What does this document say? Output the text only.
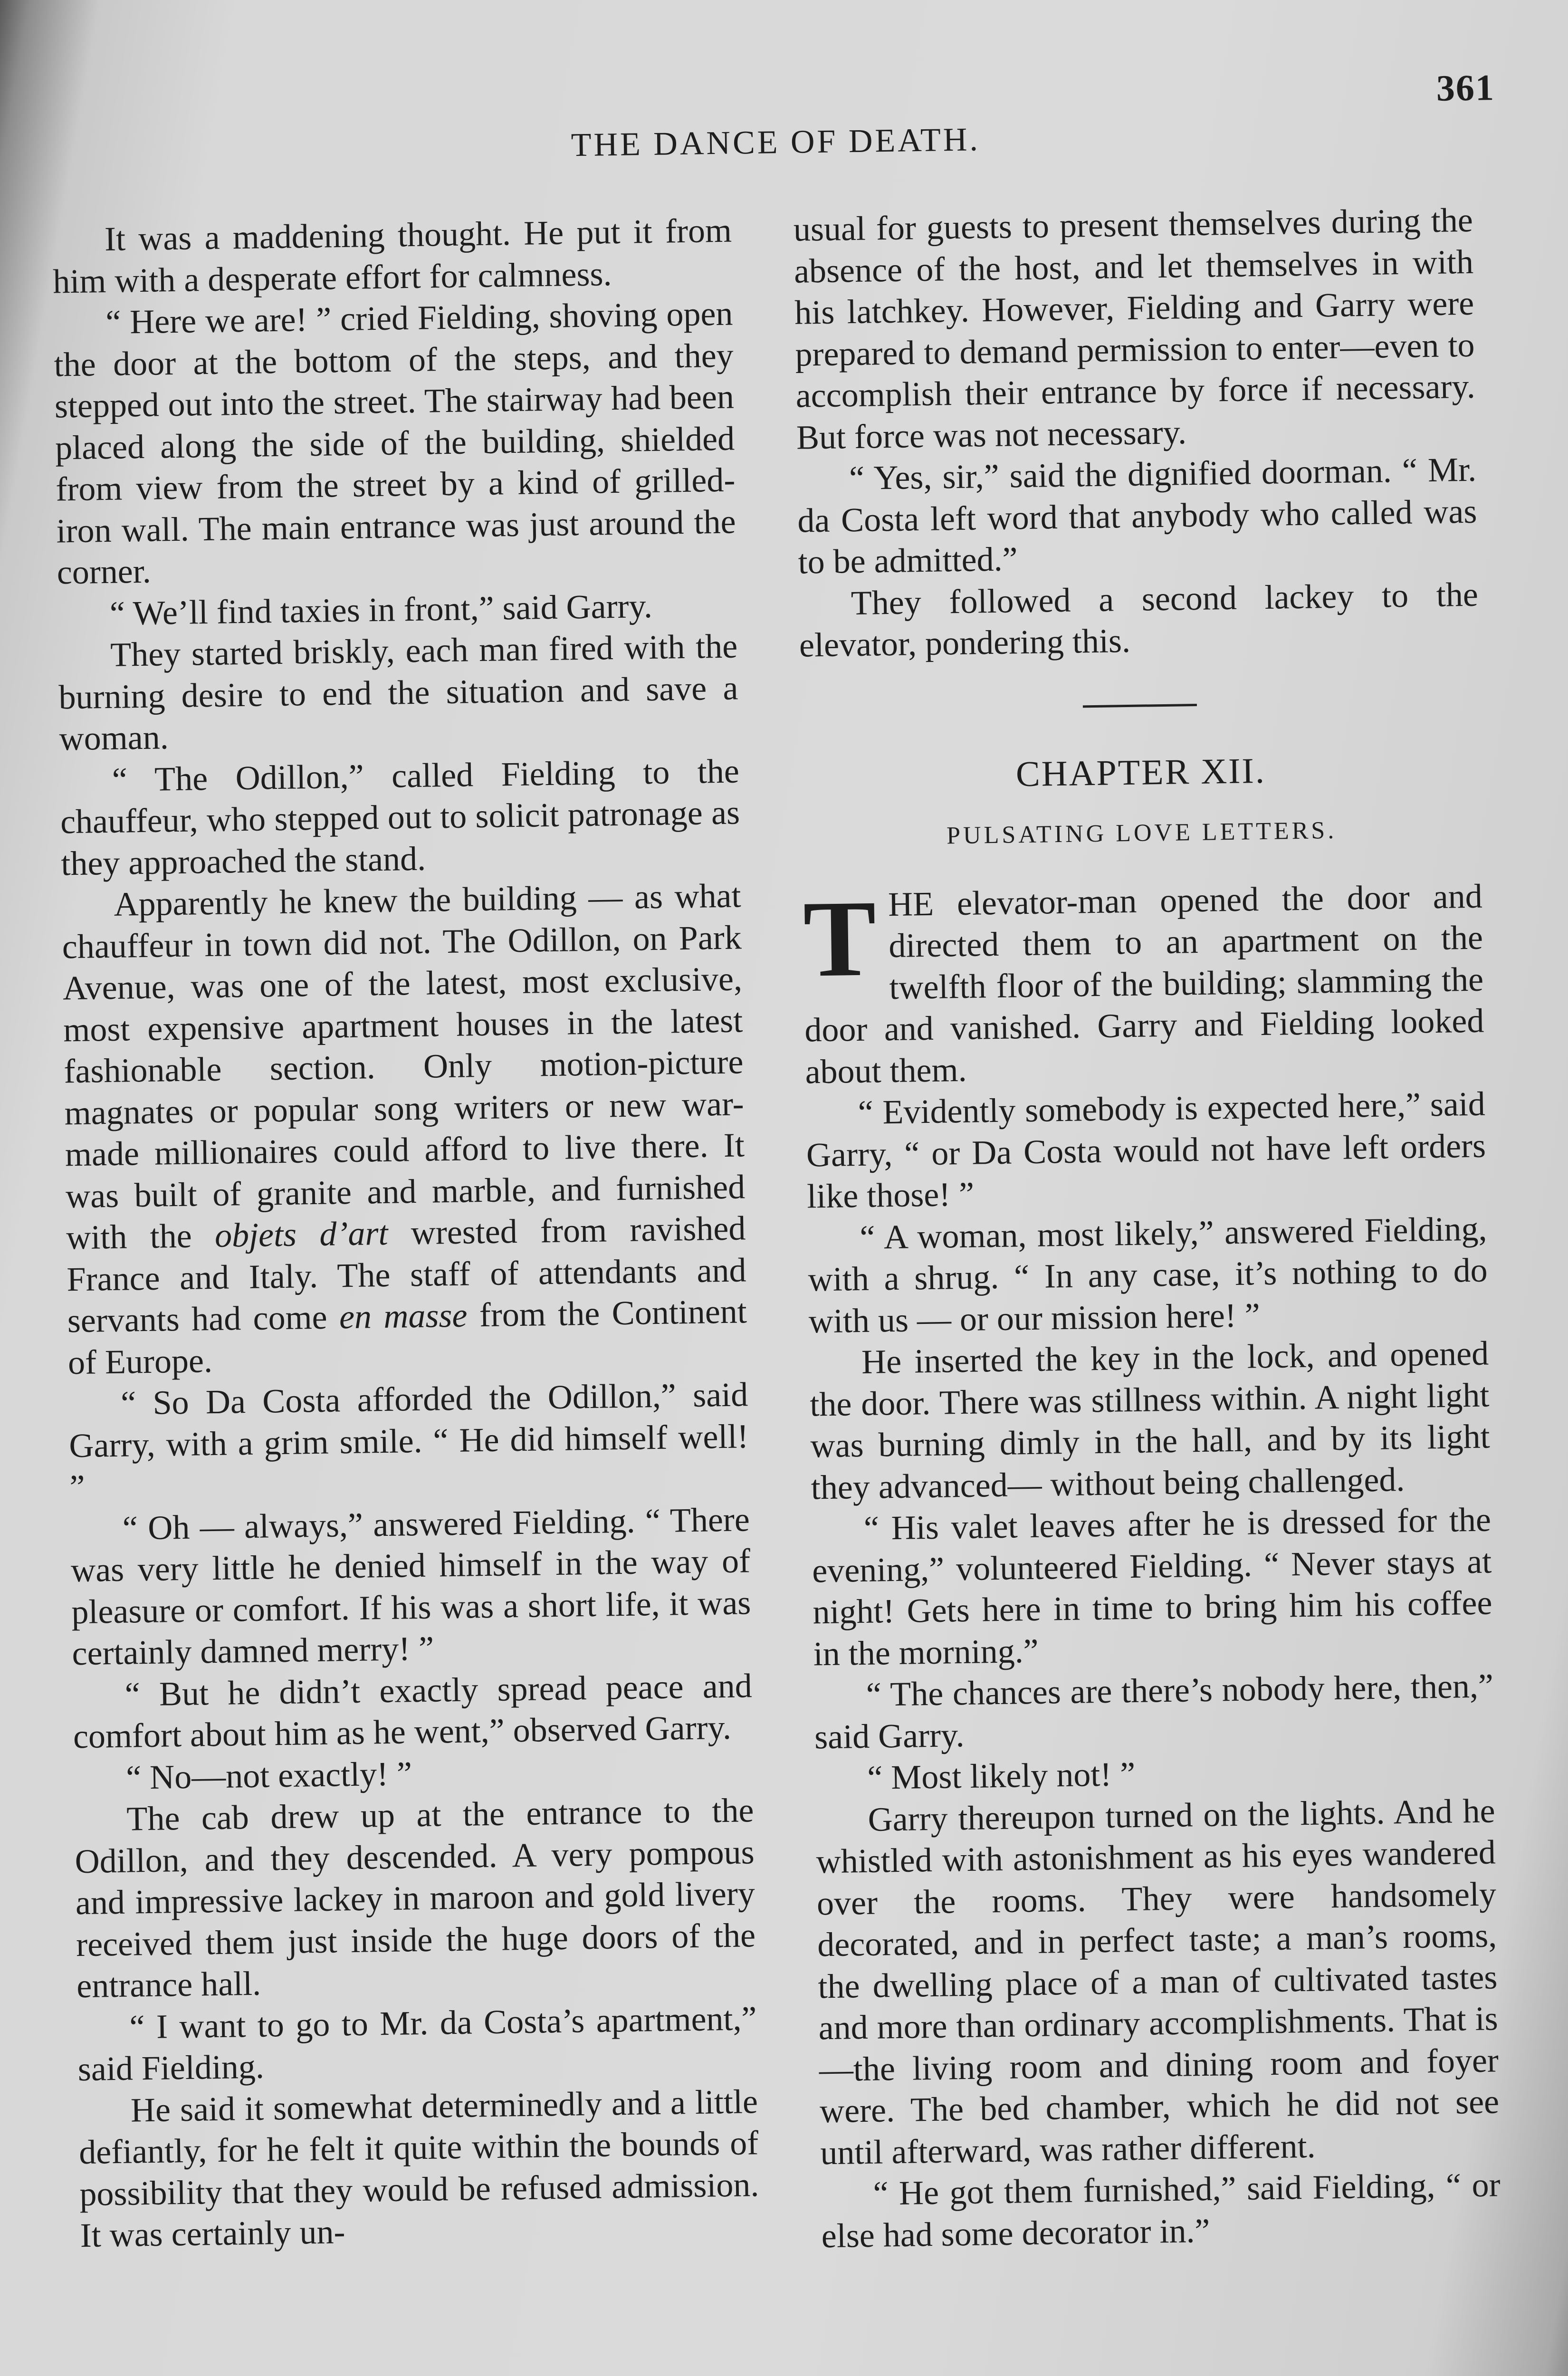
361
THE DANCE OF DEATH.

It was a maddening thought. He put it from him with a desperate effort for calmness.

“ Here we are! ” cried Fielding, shoving open the door at the bottom of the steps, and they stepped out into the street. The stairway had been placed along the side of the building, shielded from view from the street by a kind of grilled-iron wall. The main entrance was just around the corner.

“ We’ll find taxies in front,” said Garry.

They started briskly, each man fired with the burning desire to end the situation and save a woman.

“ The Odillon,” called Fielding to the chauffeur, who stepped out to solicit patronage as they approached the stand.

Apparently he knew the building — as what chauffeur in town did not. The Odillon, on Park Avenue, was one of the latest, most exclusive, most expensive apartment houses in the latest fashionable section. Only motion-picture magnates or popular song writers or new war-made millionaires could afford to live there. It was built of granite and marble, and furnished with the objets d’art wrested from ravished France and Italy. The staff of attendants and servants had come en masse from the Continent of Europe.

“ So Da Costa afforded the Odillon,” said Garry, with a grim smile. “ He did himself well! ”

“ Oh — always,” answered Fielding. “ There was very little he denied himself in the way of pleasure or comfort. If his was a short life, it was certainly damned merry! ”

“ But he didn’t exactly spread peace and comfort about him as he went,” observed Garry.

“ No—not exactly! ”

The cab drew up at the entrance to the Odillon, and they descended. A very pompous and impressive lackey in maroon and gold livery received them just inside the huge doors of the entrance hall.

“ I want to go to Mr. da Costa’s apartment,” said Fielding.

He said it somewhat determinedly and a little defiantly, for he felt it quite within the bounds of possibility that they would be refused admission. It was certainly un-

usual for guests to present themselves during the absence of the host, and let themselves in with his latchkey. However, Fielding and Garry were prepared to demand permission to enter—even to accomplish their entrance by force if necessary. But force was not necessary.

“ Yes, sir,” said the dignified doorman. “ Mr. da Costa left word that anybody who called was to be admitted.”

They followed a second lackey to the elevator, pondering this.

CHAPTER XII.

PULSATING LOVE LETTERS.

THE elevator-man opened the door and directed them to an apartment on the twelfth floor of the building; slamming the door and vanished. Garry and Fielding looked about them.

“ Evidently somebody is expected here,” said Garry, “ or Da Costa would not have left orders like those! ”

“ A woman, most likely,” answered Fielding, with a shrug. “ In any case, it’s nothing to do with us — or our mission here! ”

He inserted the key in the lock, and opened the door. There was stillness within. A night light was burning dimly in the hall, and by its light they advanced— without being challenged.

“ His valet leaves after he is dressed for the evening,” volunteered Fielding. “ Never stays at night! Gets here in time to bring him his coffee in the morning.”

“ The chances are there’s nobody here, then,” said Garry.

“ Most likely not! ”

Garry thereupon turned on the lights. And he whistled with astonishment as his eyes wandered over the rooms. They were handsomely decorated, and in perfect taste; a man’s rooms, the dwelling place of a man of cultivated tastes and more than ordinary accomplishments. That is—the living room and dining room and foyer were. The bed chamber, which he did not see until afterward, was rather different.

“ He got them furnished,” said Fielding, “ or else had some decorator in.”
